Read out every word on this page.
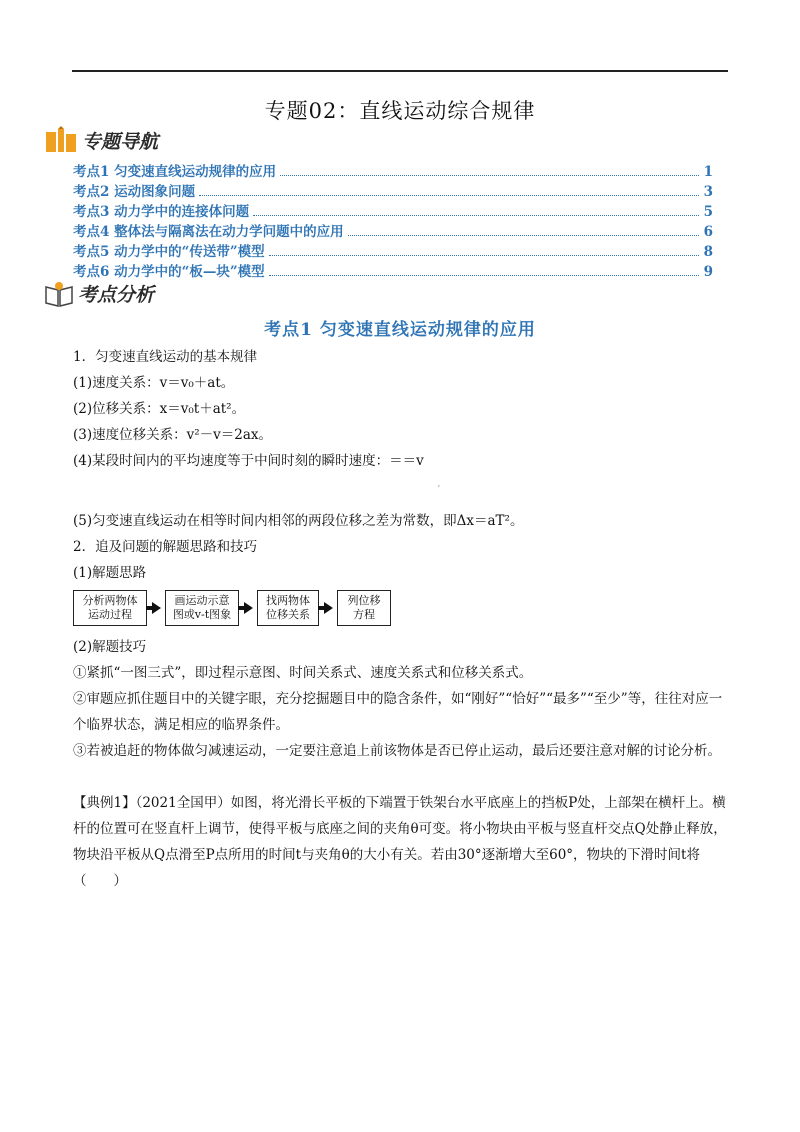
专题02：直线运动综合规律
专题导航
考点1 匀变速直线运动规律的应用	1
考点2 运动图象问题	3
考点3 动力学中的连接体问题	5
考点4 整体法与隔离法在动力学问题中的应用	6
考点5 动力学中的“传送带”模型	8
考点6 动力学中的“板—块”模型	9
考点分析
考点1 匀变速直线运动规律的应用
1．匀变速直线运动的基本规律
(1)速度关系：v＝v₀＋at。
(2)位移关系：x＝v₀t＋at²。
(3)速度位移关系：v²－v＝2ax。
(4)某段时间内的平均速度等于中间时刻的瞬时速度：＝＝v
ˊ
(5)匀变速直线运动在相等时间内相邻的两段位移之差为常数，即Δx＝aT²。
2．追及问题的解题思路和技巧
(1)解题思路
分析两物体运动过程
画运动示意图或v-t图象
找两物体位移关系
列位移方程
(2)解题技巧
①紧抓“一图三式”，即过程示意图、时间关系式、速度关系式和位移关系式。
②审题应抓住题目中的关键字眼，充分挖掘题目中的隐含条件，如“刚好”“恰好”“最多”“至少”等，往往对应一个临界状态，满足相应的临界条件。
③若被追赶的物体做匀减速运动，一定要注意追上前该物体是否已停止运动，最后还要注意对解的讨论分析。
【典例1】（2021全国甲）如图，将光滑长平板的下端置于铁架台水平底座上的挡板P处，上部架在横杆上。横杆的位置可在竖直杆上调节，使得平板与底座之间的夹角θ可变。将小物块由平板与竖直杆交点Q处静止释放，物块沿平板从Q点滑至P点所用的时间t与夹角θ的大小有关。若由30°逐渐增大至60°，物块的下滑时间t将（　　）
